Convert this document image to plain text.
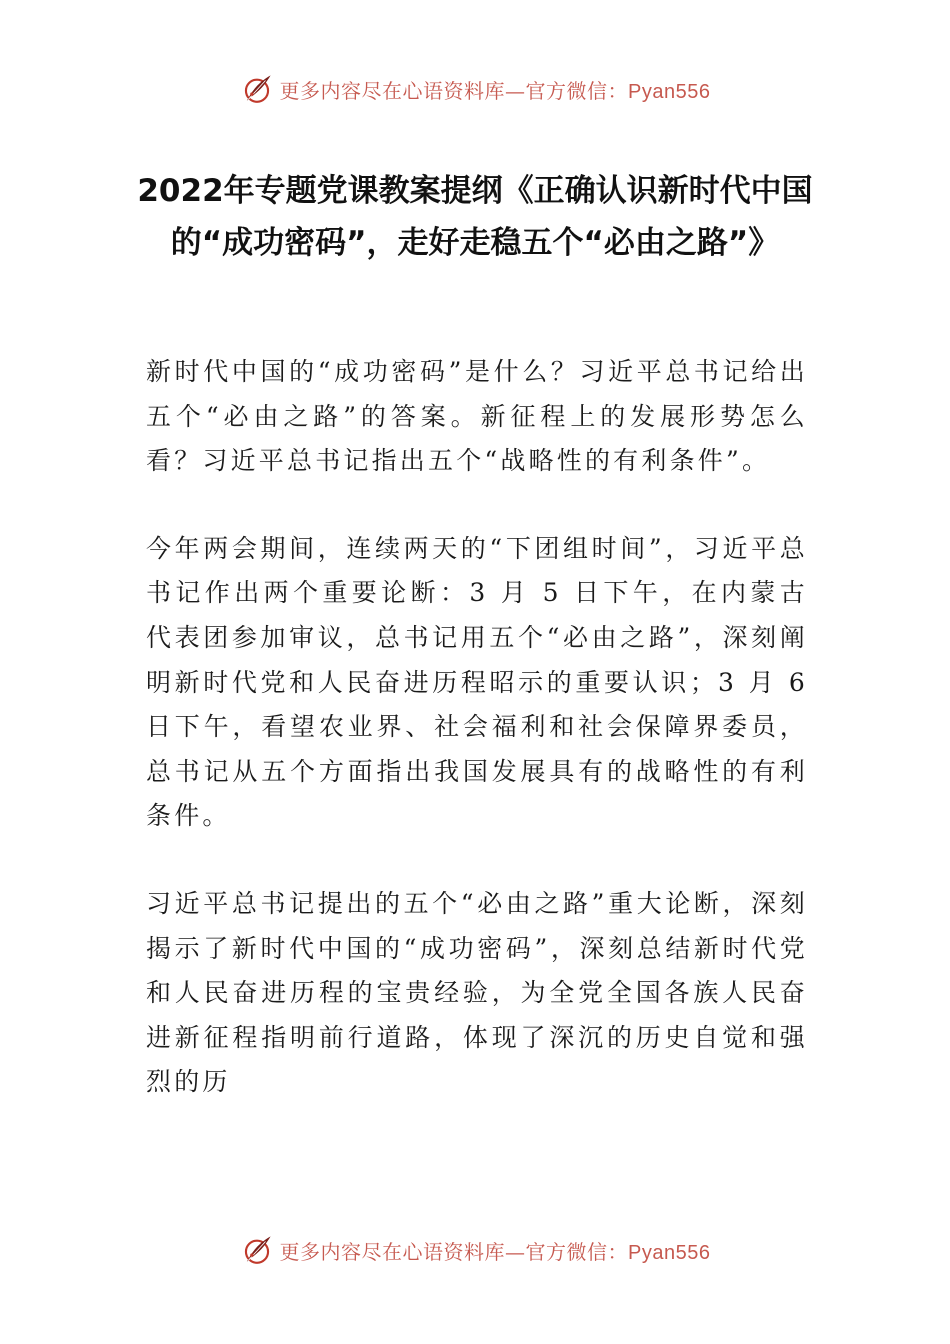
更多内容尽在心语资料库—官方微信：Pyan556
2022年专题党课教案提纲《正确认识新时代中国的“成功密码”，走好走稳五个“必由之路”》

新时代中国的“成功密码”是什么？习近平总书记给出五个“必由之路”的答案。新征程上的发展形势怎么看？习近平总书记指出五个“战略性的有利条件”。

今年两会期间，连续两天的“下团组时间”，习近平总书记作出两个重要论断：3 月 5 日下午，在内蒙古代表团参加审议，总书记用五个“必由之路”，深刻阐明新时代党和人民奋进历程昭示的重要认识；3 月 6 日下午，看望农业界、社会福利和社会保障界委员，总书记从五个方面指出我国发展具有的战略性的有利条件。

习近平总书记提出的五个“必由之路”重大论断，深刻揭示了新时代中国的“成功密码”，深刻总结新时代党和人民奋进历程的宝贵经验，为全党全国各族人民奋进新征程指明前行道路，体现了深沉的历史自觉和强烈的历

更多内容尽在心语资料库—官方微信：Pyan556
